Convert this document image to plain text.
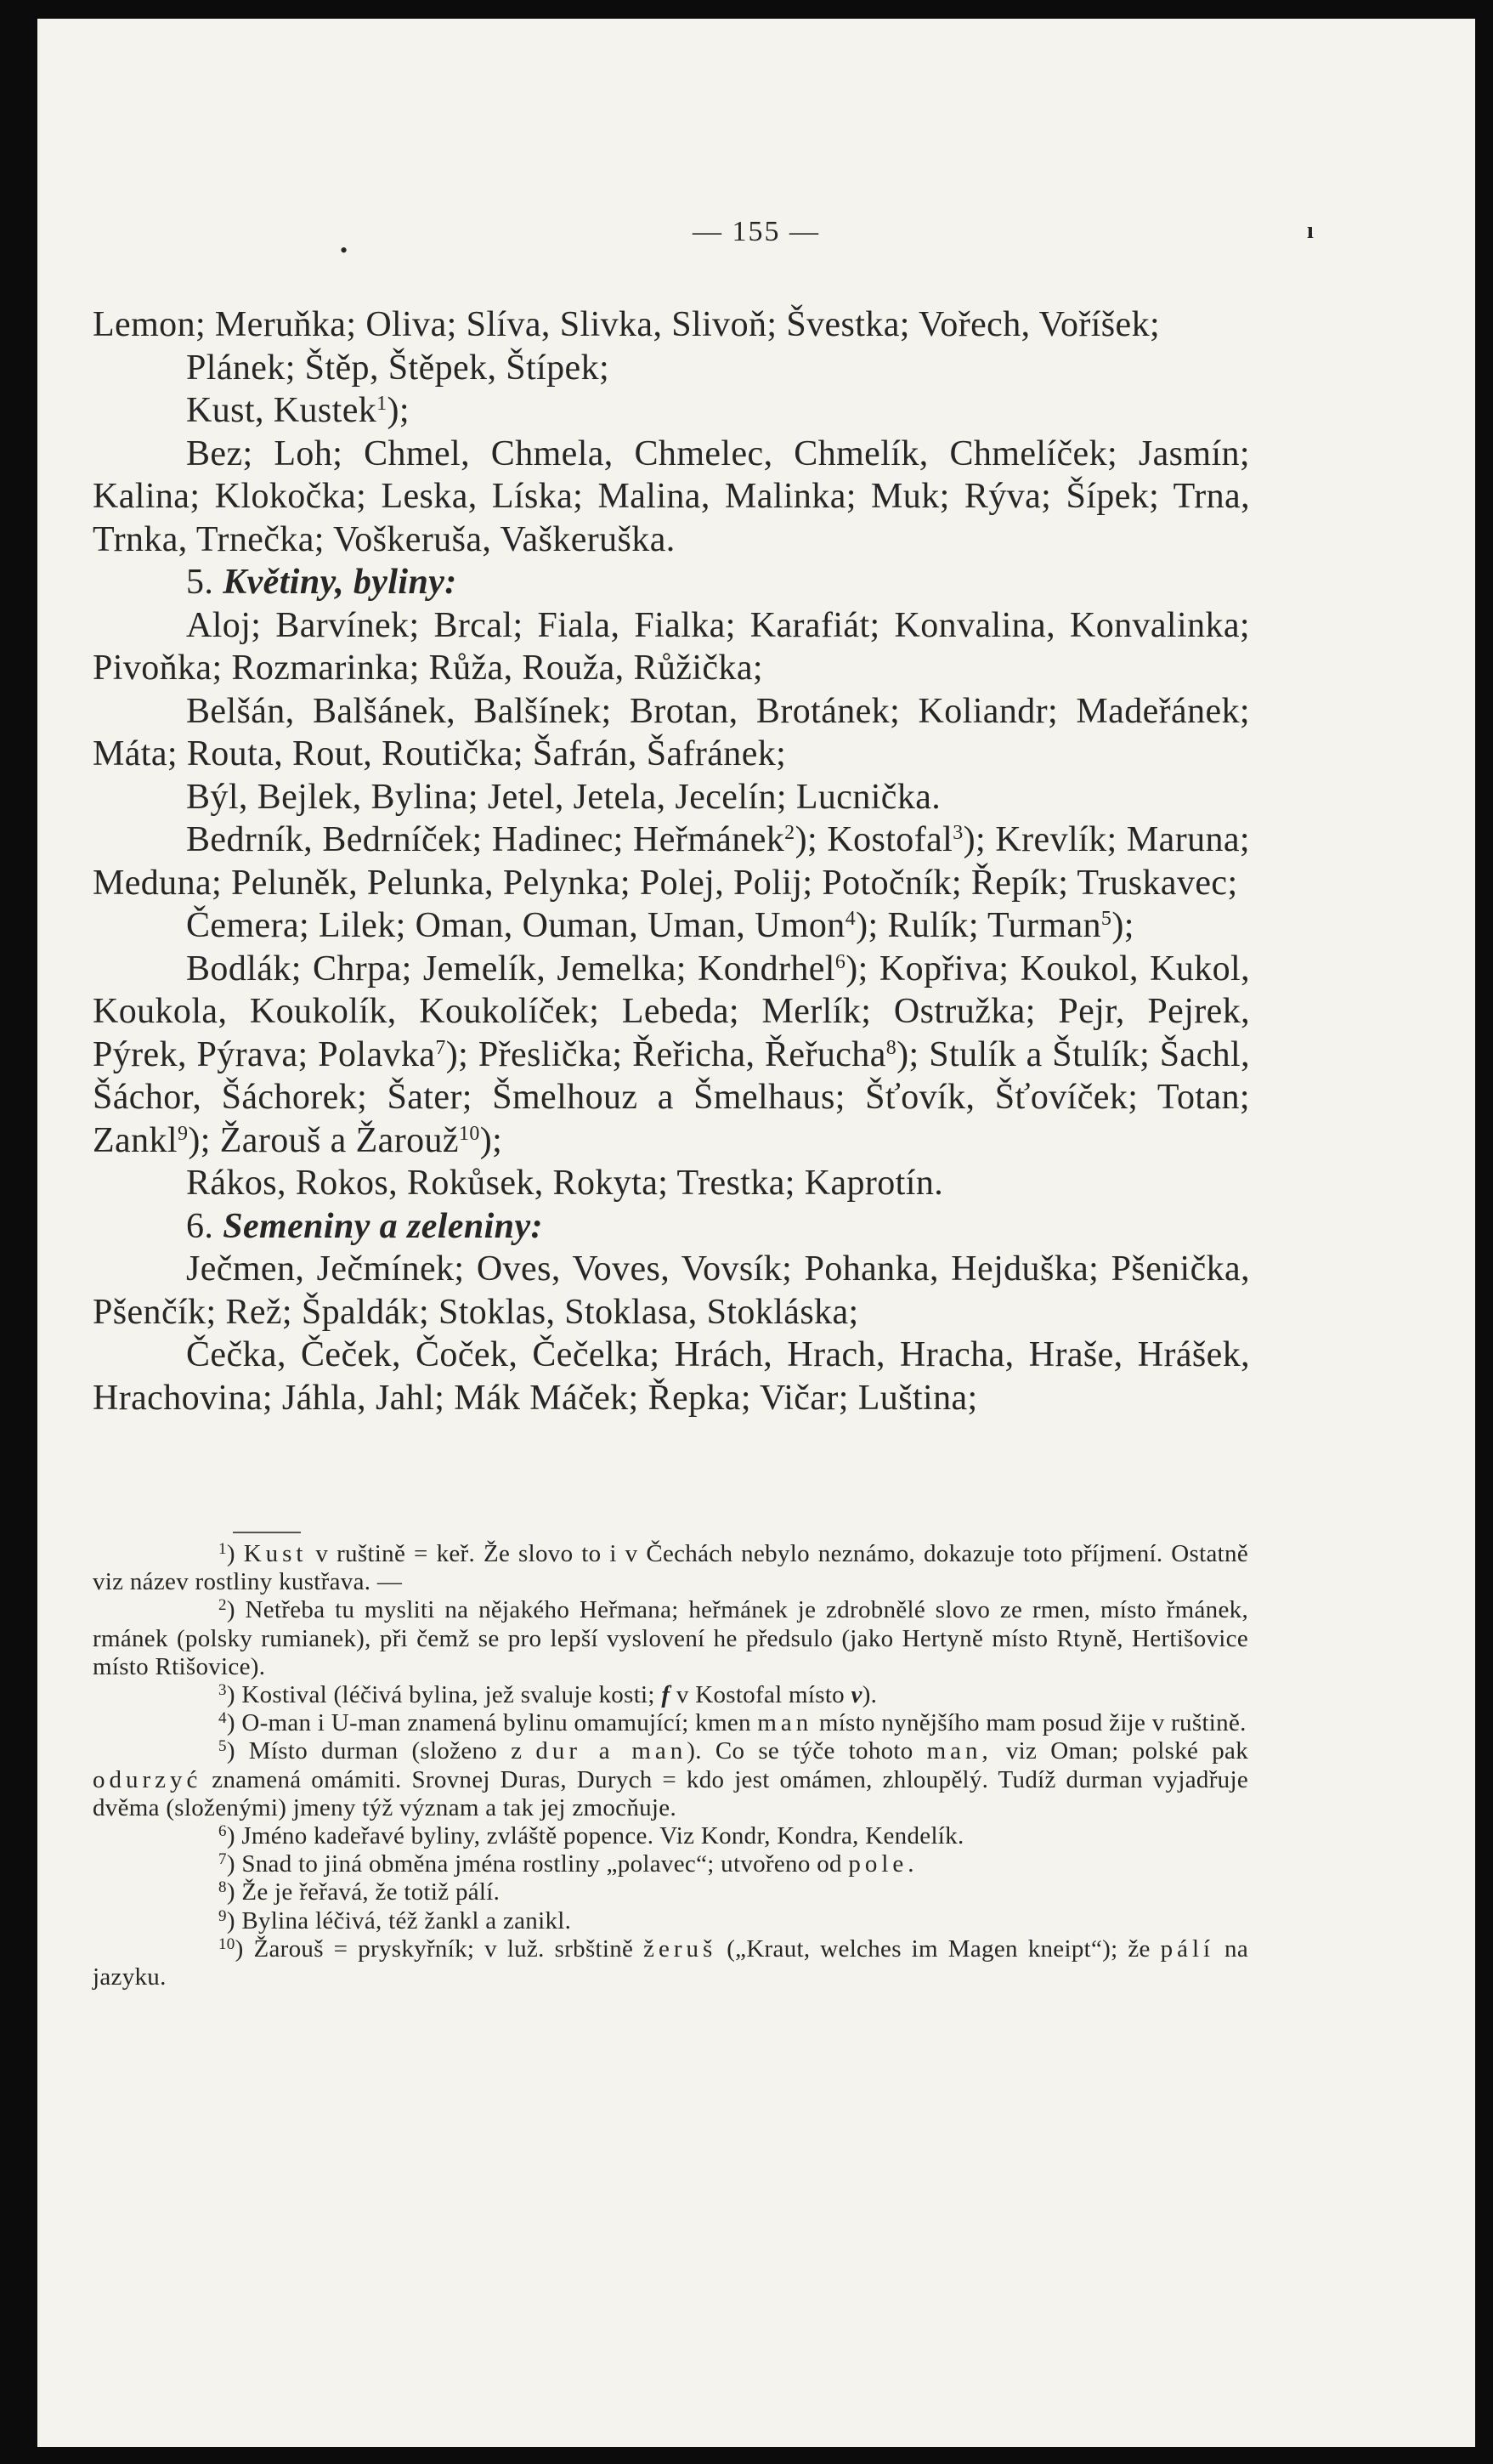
— 155 —	ı
•

Lemon; Meruňka; Oliva; Slíva, Slivka, Slivoň; Švestka; Vořech, Voříšek;

Plánek; Štěp, Štěpek, Štípek;

Kust, Kustek$^1$);

Bez; Loh; Chmel, Chmela, Chmelec, Chmelík, Chmelíček; Jasmín; Kalina; Klokočka; Leska, Líska; Malina, Malinka; Muk; Rýva; Šípek; Trna, Trnka, Trnečka; Voškeruša, Vaškeruška.

5. Květiny, byliny:

Aloj; Barvínek; Brcal; Fiala, Fialka; Karafiát; Konvalina, Konvalinka; Pivoňka; Rozmarinka; Růža, Rouža, Růžička;

Belšán, Balšánek, Balšínek; Brotan, Brotánek; Koliandr; Madeřánek; Máta; Routa, Rout, Routička; Šafrán, Šafránek;

Býl, Bejlek, Bylina; Jetel, Jetela, Jecelín; Lucnička.

Bedrník, Bedrníček; Hadinec; Heřmánek$^2$); Kostofal$^3$); Krevlík; Maruna; Meduna; Peluněk, Pelunka, Pelynka; Polej, Polij; Potočník; Řepík; Truskavec;

Čemera; Lilek; Oman, Ouman, Uman, Umon$^4$); Rulík; Turman$^5$);

Bodlák; Chrpa; Jemelík, Jemelka; Kondrhel$^6$); Kopřiva; Koukol, Kukol, Koukola, Koukolík, Koukolíček; Lebeda; Merlík; Ostružka; Pejr, Pejrek, Pýrek, Pýrava; Polavka$^7$); Přeslička; Řeřicha, Řeřucha$^8$); Stulík a Štulík; Šachl, Šáchor, Šáchorek; Šater; Šmelhouz a Šmelhaus; Šťovík, Šťovíček; Totan; Zankl$^9$); Žarouš a Žarouž$^{10}$);

Rákos, Rokos, Rokůsek, Rokyta; Trestka; Kaprotín.

6. Semeniny a zeleniny:

Ječmen, Ječmínek; Oves, Voves, Vovsík; Pohanka, Hejduška; Pšenička, Pšenčík; Rež; Špaldák; Stoklas, Stoklasa, Stokláska;

Čečka, Čeček, Čoček, Čečelka; Hrách, Hrach, Hracha, Hraše, Hrášek, Hrachovina; Jáhla, Jahl; Mák Máček; Řepka; Vičar; Luština;

$^1$) Kust v ruštině = keř. Že slovo to i v Čechách nebylo neznámo, dokazuje toto příjmení. Ostatně viz název rostliny kustřava. —

$^2$) Netřeba tu mysliti na nějakého Heřmana; heřmánek je zdrobnělé slovo ze rmen, místo řmánek, rmánek (polsky rumianek), při čemž se pro lepší vyslovení he předsulo (jako Hertyně místo Rtyně, Hertišovice místo Rtišovice).

$^3$) Kostival (léčivá bylina, jež svaluje kosti; f v Kostofal místo v).

$^4$) O-man i U-man znamená bylinu omamující; kmen man místo nynějšího mam posud žije v ruštině.

$^5$) Místo durman (složeno z dur a man). Co se týče tohoto man, viz Oman; polské pak odurzyć znamená omámiti. Srovnej Duras, Durych = kdo jest omámen, zhloupělý. Tudíž durman vyjadřuje dvěma (složenými) jmeny týž význam a tak jej zmocňuje.

$^6$) Jméno kadeřavé byliny, zvláště popence. Viz Kondr, Kondra, Kendelík.

$^7$) Snad to jiná obměna jména rostliny „polavec“; utvořeno od pole.

$^8$) Že je řeřavá, že totiž pálí.

$^9$) Bylina léčivá, též žankl a zanikl.

$^{10}$) Žarouš = pryskyřník; v luž. srbštině žeruš („Kraut, welches im Magen kneipt“); že pálí na jazyku.
